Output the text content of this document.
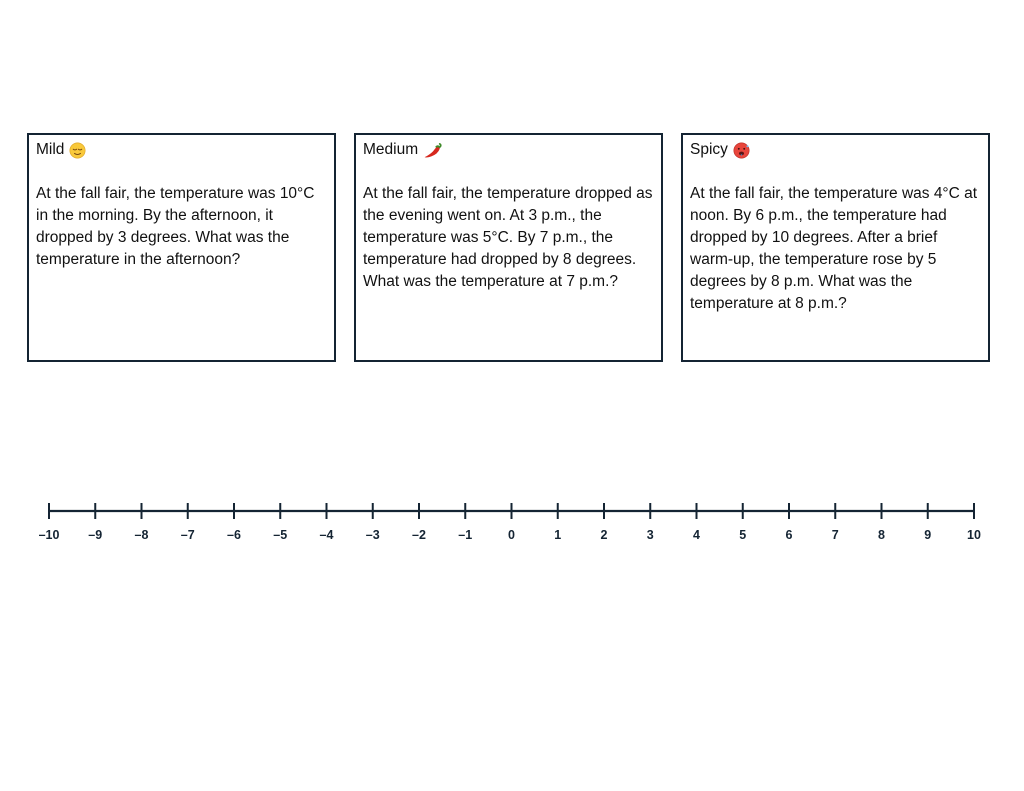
Mild
At the fall fair, the temperature was 10°C in the morning. By the afternoon, it dropped by 3 degrees. What was the temperature in the afternoon?
Medium
At the fall fair, the temperature dropped as the evening went on. At 3 p.m., the temperature was 5°C. By 7 p.m., the temperature had dropped by 8 degrees. What was the temperature at 7 p.m.?
Spicy
At the fall fair, the temperature was 4°C at noon. By 6 p.m., the temperature had dropped by 10 degrees. After a brief warm-up, the temperature rose by 5 degrees by 8 p.m. What was the temperature at 8 p.m.?
–10 –9	–8	–7	–6	–5	–4	–3	–2	–1	0	1	2	3	4	5	6	7	8	9	10
